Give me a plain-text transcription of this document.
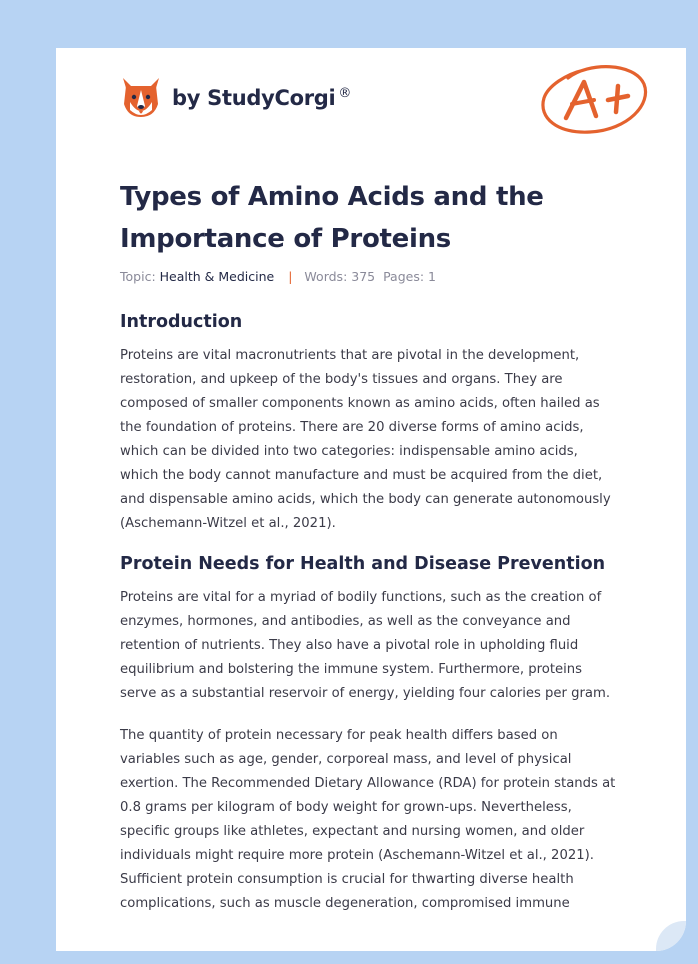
by StudyCorgi ®
Types of Amino Acids and the Importance of Proteins
Topic: Health & Medicine | Words: 375 Pages: 1
Introduction

Proteins are vital macronutrients that are pivotal in the development, restoration, and upkeep of the body's tissues and organs. They are composed of smaller components known as amino acids, often hailed as the foundation of proteins. There are 20 diverse forms of amino acids, which can be divided into two categories: indispensable amino acids, which the body cannot manufacture and must be acquired from the diet, and dispensable amino acids, which the body can generate autonomously (Aschemann-Witzel et al., 2021).

Protein Needs for Health and Disease Prevention

Proteins are vital for a myriad of bodily functions, such as the creation of enzymes, hormones, and antibodies, as well as the conveyance and retention of nutrients. They also have a pivotal role in upholding fluid equilibrium and bolstering the immune system. Furthermore, proteins serve as a substantial reservoir of energy, yielding four calories per gram.

The quantity of protein necessary for peak health differs based on variables such as age, gender, corporeal mass, and level of physical exertion. The Recommended Dietary Allowance (RDA) for protein stands at 0.8 grams per kilogram of body weight for grown-ups. Nevertheless, specific groups like athletes, expectant and nursing women, and older individuals might require more protein (Aschemann-Witzel et al., 2021). Sufficient protein consumption is crucial for thwarting diverse health complications, such as muscle degeneration, compromised immune
